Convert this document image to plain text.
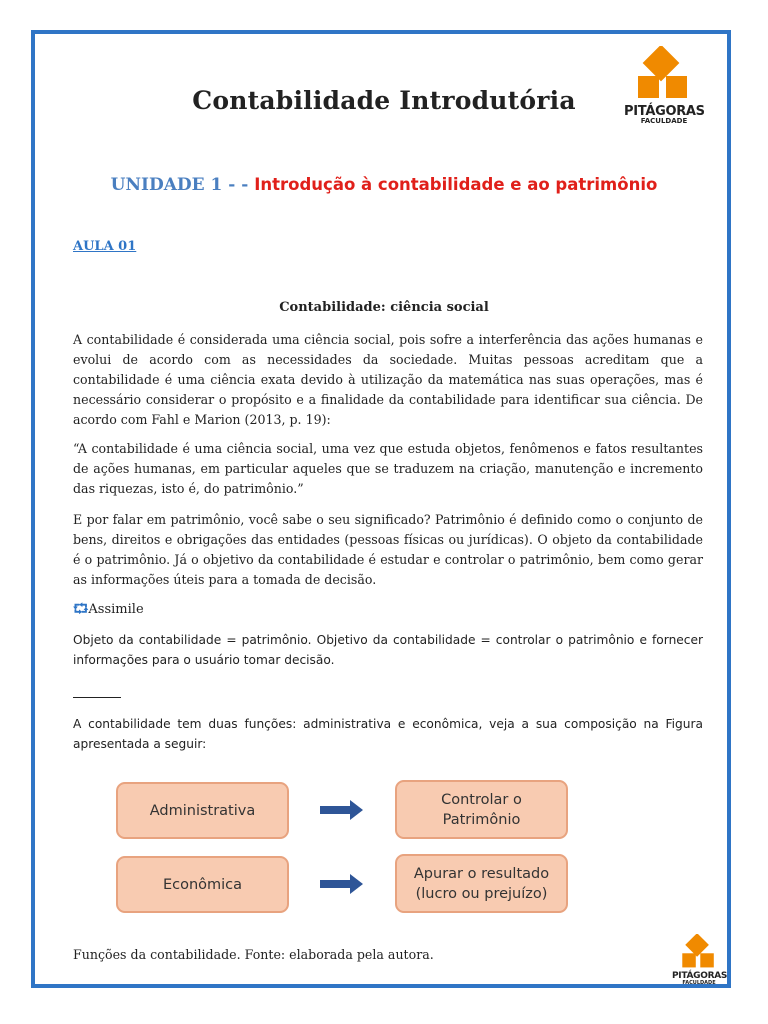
PITÁGORAS
FACULDADE
Contabilidade Introdutória
UNIDADE 1 - - Introdução à contabilidade e ao patrimônio
AULA 01
Contabilidade: ciência social

A contabilidade é considerada uma ciência social, pois sofre a interferência das ações humanas e evolui de acordo com as necessidades da sociedade. Muitas pessoas acreditam que a contabilidade é uma ciência exata devido à utilização da matemática nas suas operações, mas é necessário considerar o propósito e a finalidade da contabilidade para identificar sua ciência. De acordo com Fahl e Marion (2013, p. 19):

“A contabilidade é uma ciência social, uma vez que estuda objetos, fenômenos e fatos resultantes de ações humanas, em particular aqueles que se traduzem na criação, manutenção e incremento das riquezas, isto é, do patrimônio.”

E por falar em patrimônio, você sabe o seu significado? Patrimônio é definido como o conjunto de bens, direitos e obrigações das entidades (pessoas físicas ou jurídicas). O objeto da contabilidade é o patrimônio. Já o objetivo da contabilidade é estudar e controlar o patrimônio, bem como gerar as informações úteis para a tomada de decisão.

⮔Assimile

Objeto da contabilidade = patrimônio. Objetivo da contabilidade = controlar o patrimônio e fornecer informações para o usuário tomar decisão.

A contabilidade tem duas funções: administrativa e econômica, veja a sua composição na Figura apresentada a seguir:

Administrativa
Econômica
Controlar o Patrimônio
Apurar o resultado (lucro ou prejuízo)
Funções da contabilidade. Fonte: elaborada pela autora.
PITÁGORAS
FACULDADE
